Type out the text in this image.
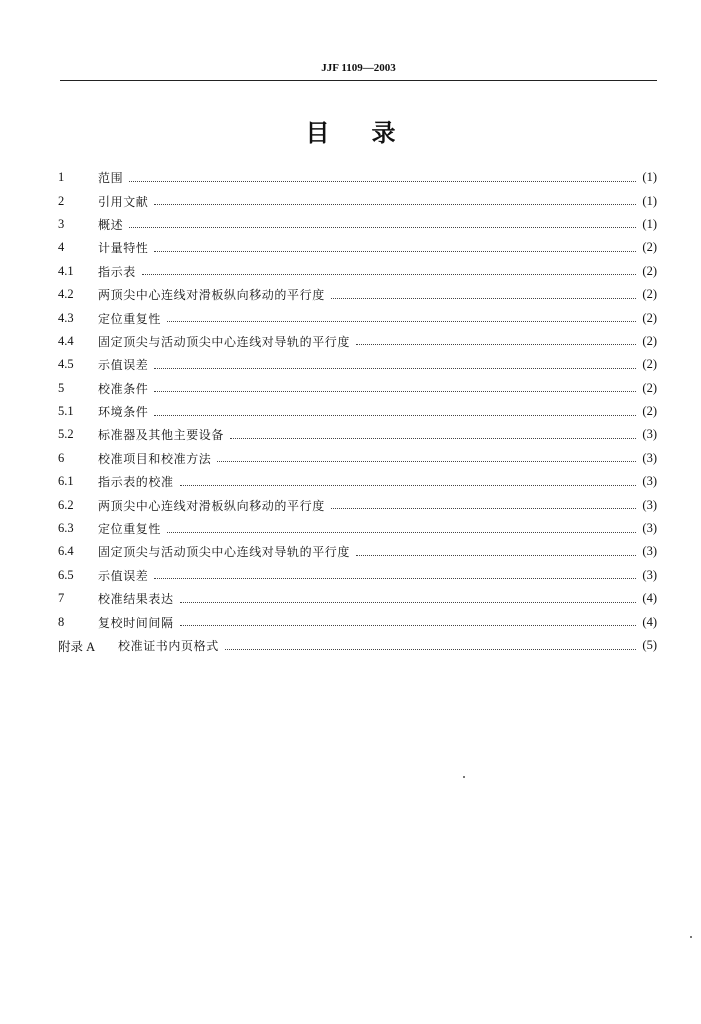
JJF 1109—2003
目 录
1	范围	(1)
2	引用文献	(1)
3	概述	(1)
4	计量特性	(2)
4.1	指示表	(2)
4.2	两顶尖中心连线对滑板纵向移动的平行度	(2)
4.3	定位重复性	(2)
4.4	固定顶尖与活动顶尖中心连线对导轨的平行度	(2)
4.5	示值误差	(2)
5	校准条件	(2)
5.1	环境条件	(2)
5.2	标准器及其他主要设备	(3)
6	校准项目和校准方法	(3)
6.1	指示表的校准	(3)
6.2	两顶尖中心连线对滑板纵向移动的平行度	(3)
6.3	定位重复性	(3)
6.4	固定顶尖与活动顶尖中心连线对导轨的平行度	(3)
6.5	示值误差	(3)
7	校准结果表达	(4)
8	复校时间间隔	(4)
附录 A	校准证书内页格式	(5)
